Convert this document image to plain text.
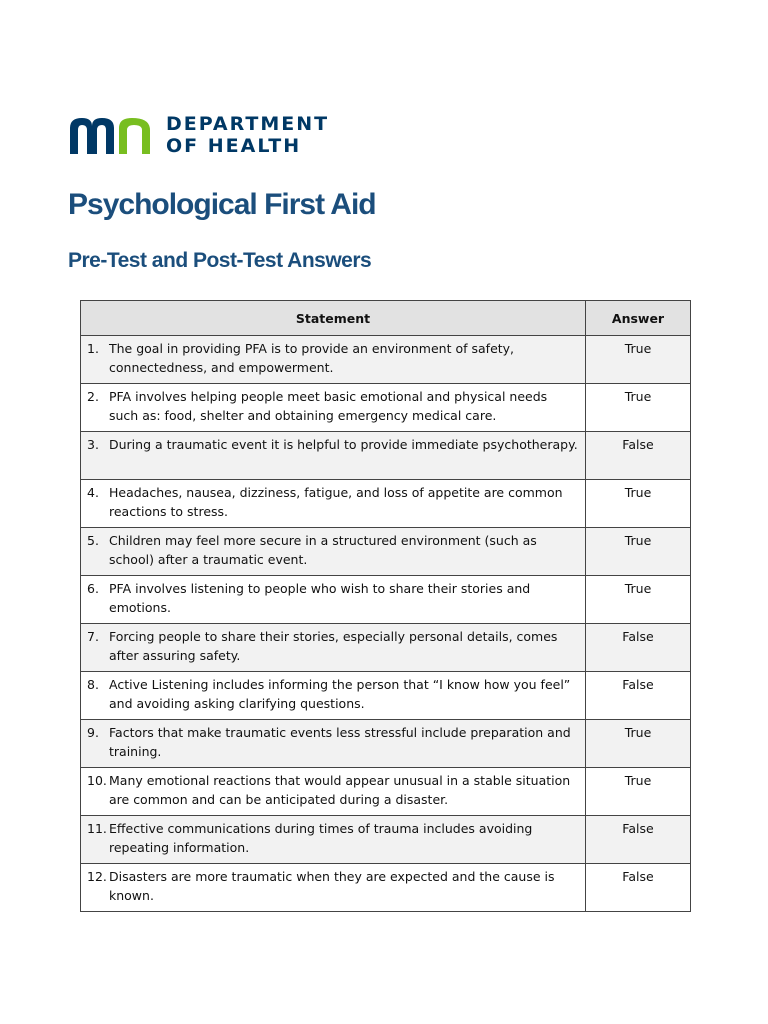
DEPARTMENT
OF HEALTH
Psychological First Aid
Pre-Test and Post-Test Answers
Statement	Answer

1. The goal in providing PFA is to provide an environment of safety, connectedness, and empowerment.	True

2. PFA involves helping people meet basic emotional and physical needs such as: food, shelter and obtaining emergency medical care.	True

3. During a traumatic event it is helpful to provide immediate psychotherapy.	False

4. Headaches, nausea, dizziness, fatigue, and loss of appetite are common reactions to stress.	True

5. Children may feel more secure in a structured environment (such as school) after a traumatic event.	True

6. PFA involves listening to people who wish to share their stories and emotions.	True

7. Forcing people to share their stories, especially personal details, comes after assuring safety.	False

8. Active Listening includes informing the person that “I know how you feel” and avoiding asking clarifying questions.	False

9. Factors that make traumatic events less stressful include preparation and training.	True

10. Many emotional reactions that would appear unusual in a stable situation are common and can be anticipated during a disaster.	True

11. Effective communications during times of trauma includes avoiding repeating information.	False

12. Disasters are more traumatic when they are expected and the cause is known.	False
